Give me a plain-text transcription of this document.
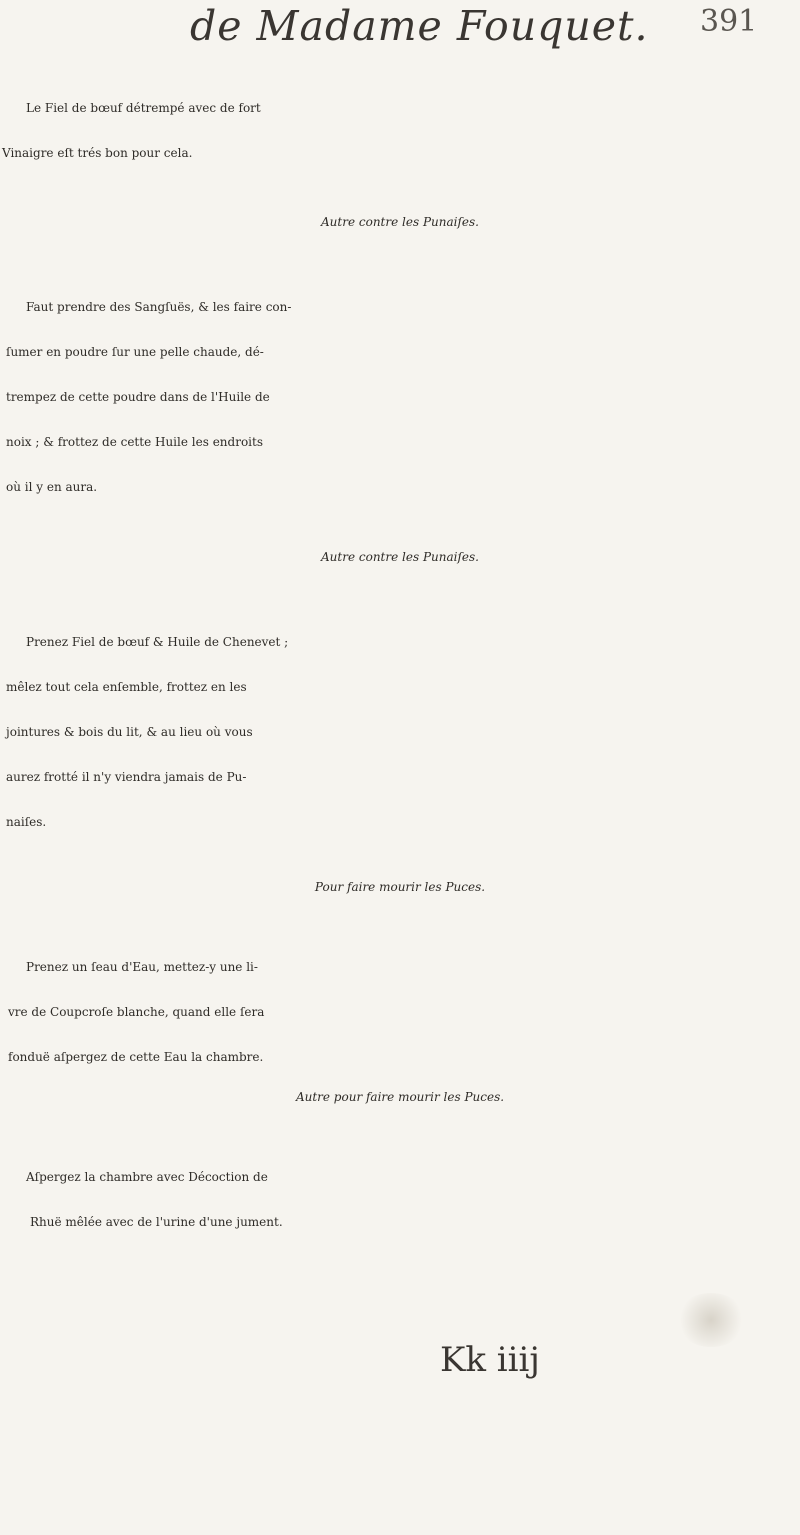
de Madame Fouquet. 391
Le Fiel de bœuf détrempé avec de fort
Vinaigre eſt trés bon pour cela.
Autre contre les Punaiſes.
Faut prendre des Sangſuës, & les faire con-
ſumer en poudre ſur une pelle chaude, dé-
trempez de cette poudre dans de l'Huile de
noix ; & frottez de cette Huile les endroits
où il y en aura.
Autre contre les Punaiſes.
Prenez Fiel de bœuf & Huile de Chenevet ;
mêlez tout cela enſemble, frottez en les
jointures & bois du lit, & au lieu où vous
aurez frotté il n'y viendra jamais de Pu-
naiſes.
Pour faire mourir les Puces.
Prenez un ſeau d'Eau, mettez-y une li-
vre de Coupcroſe blanche, quand elle ſera
fonduë aſpergez de cette Eau la chambre.
Autre pour faire mourir les Puces.
Aſpergez la chambre avec Décoction de
Rhuë mêlée avec de l'urine d'une jument.
Kk iiij
